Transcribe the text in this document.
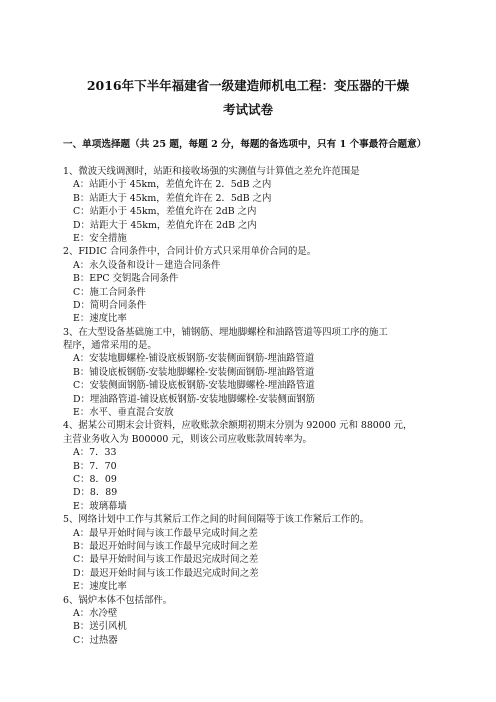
2016年下半年福建省一级建造师机电工程：变压器的干燥
考试试卷
一、单项选择题（共 25 题，每题 2 分，每题的备选项中，只有 1 个事最符合题意）
1、微波天线调测时，站距和接收场强的实测值与计算值之差允许范围是
A：站距小于 45km，差值允许在 2．5dB 之内
B：站距大于 45km，差值允许在 2．5dB 之内
C：站距小于 45km，差值允许在 2dB 之内
D：站距大于 45km，差值允许在 2dB 之内
E：安全措施
2、FIDIC 合同条件中，合同计价方式只采用单价合同的是。
A：永久设备和设计－建造合同条件
B：EPC 交钥匙合同条件
C：施工合同条件
D：简明合同条件
E：速度比率
3、在大型设备基础施工中，铺钢筋、埋地脚螺栓和油路管道等四项工序的施工
程序，通常采用的是。
A：安装地脚螺栓-铺设底板钢筋-安装侧面钢筋-埋油路管道
B：铺设底板钢筋-安装地脚螺栓-安装侧面钢筋-埋油路管道
C：安装侧面钢筋-铺设底板钢筋-安装地脚螺栓-埋油路管道
D：埋油路管道-铺设底板钢筋-安装地脚螺栓-安装侧面钢筋
E：水平、垂直混合安放
4、据某公司期末会计资料，应收账款余额期初期末分别为 92000 元和 88000 元，
主营业务收入为 B00000 元，则该公司应收账款周转率为。
A：7．33
B：7．70
C：8．09
D：8．89
E：玻璃幕墙
5、网络计划中工作与其紧后工作之间的时间间隔等于该工作紧后工作的。
A：最早开始时间与该工作最早完成时间之差
B：最迟开始时间与该工作最早完成时间之差
C：最早开始时间与该工作最迟完成时间之差
D：最迟开始时间与该工作最迟完成时间之差
E：速度比率
6、锅炉本体不包括部件。
A：水冷壁
B：送引风机
C：过热器
